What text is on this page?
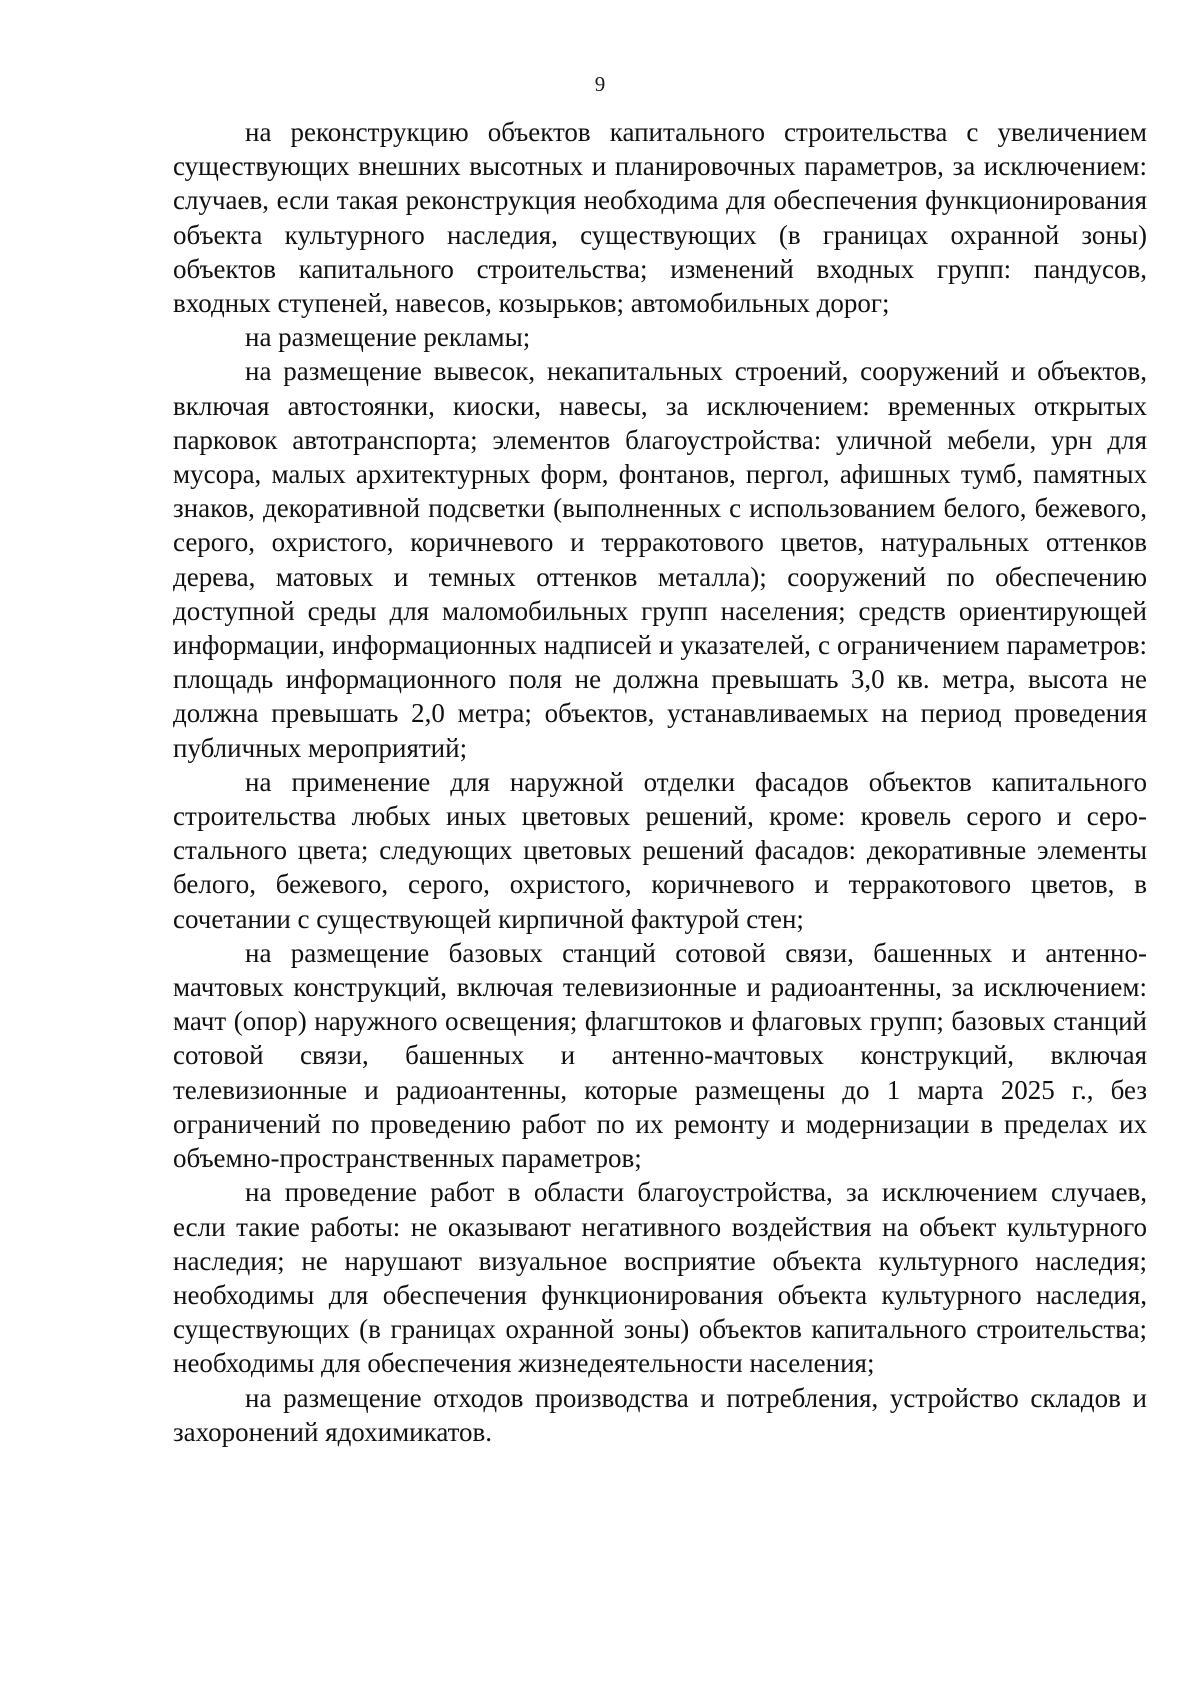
9

на реконструкцию объектов капитального строительства с увеличением существующих внешних высотных и планировочных параметров, за исключением: случаев, если такая реконструкция необходима для обеспечения функционирования объекта культурного наследия, существующих (в границах охранной зоны) объектов капитального строительства; изменений входных групп: пандусов, входных ступеней, навесов, козырьков; автомобильных дорог;

на размещение рекламы;

на размещение вывесок, некапитальных строений, сооружений и объектов, включая автостоянки, киоски, навесы, за исключением: временных открытых парковок автотранспорта; элементов благоустройства: уличной мебели, урн для мусора, малых архитектурных форм, фонтанов, пергол, афишных тумб, памятных знаков, декоративной подсветки (выполненных с использованием белого, бежевого, серого, охристого, коричневого и терракотового цветов, натуральных оттенков дерева, матовых и темных оттенков металла); сооружений по обеспечению доступной среды для маломобильных групп населения; средств ориентирующей информации, информационных надписей и указателей, с ограничением параметров: площадь информационного поля не должна превышать 3,0 кв. метра, высота не должна превышать 2,0 метра; объектов, устанавливаемых на период проведения публичных мероприятий;

на применение для наружной отделки фасадов объектов капитального строительства любых иных цветовых решений, кроме: кровель серого и серо-стального цвета; следующих цветовых решений фасадов: декоративные элементы белого, бежевого, серого, охристого, коричневого и терракотового цветов, в сочетании с существующей кирпичной фактурой стен;

на размещение базовых станций сотовой связи, башенных и антенно-мачтовых конструкций, включая телевизионные и радиоантенны, за исключением: мачт (опор) наружного освещения; флагштоков и флаговых групп; базовых станций сотовой связи, башенных и антенно-мачтовых конструкций, включая телевизионные и радиоантенны, которые размещены до 1 марта 2025 г., без ограничений по проведению работ по их ремонту и модернизации в пределах их объемно-пространственных параметров;

на проведение работ в области благоустройства, за исключением случаев, если такие работы: не оказывают негативного воздействия на объект культурного наследия; не нарушают визуальное восприятие объекта культурного наследия; необходимы для обеспечения функционирования объекта культурного наследия, существующих (в границах охранной зоны) объектов капитального строительства; необходимы для обеспечения жизнедеятельности населения;

на размещение отходов производства и потребления, устройство складов и захоронений ядохимикатов.
